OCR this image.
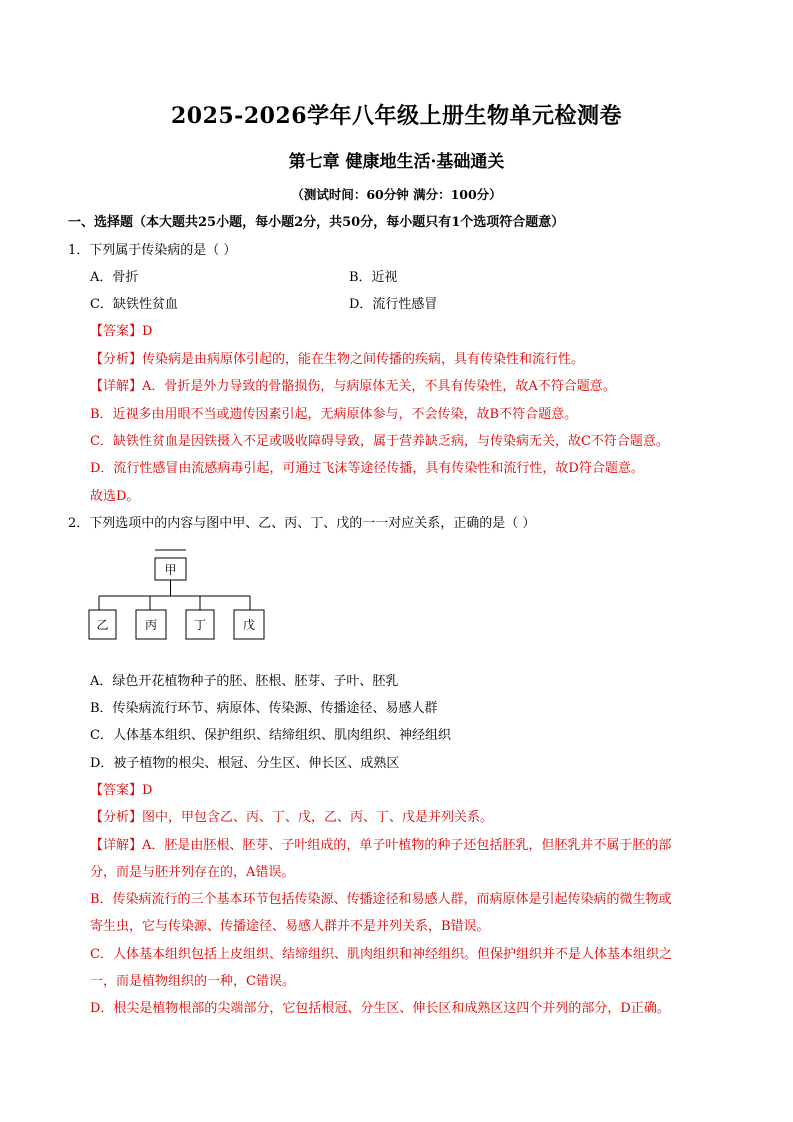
2025-2026学年八年级上册生物单元检测卷
第七章 健康地生活·基础通关
（测试时间：60分钟 满分：100分）
一、选择题（本大题共25小题，每小题2分，共50分，每小题只有1个选项符合题意）
1．下列属于传染病的是（ ）
A．骨折	B．近视
C．缺铁性贫血	D．流行性感冒
【答案】D
【分析】传染病是由病原体引起的，能在生物之间传播的疾病，具有传染性和流行性。
【详解】A．骨折是外力导致的骨骼损伤，与病原体无关，不具有传染性，故A不符合题意。
B．近视多由用眼不当或遗传因素引起，无病原体参与，不会传染，故B不符合题意。
C．缺铁性贫血是因铁摄入不足或吸收障碍导致，属于营养缺乏病，与传染病无关，故C不符合题意。
D．流行性感冒由流感病毒引起，可通过飞沫等途径传播，具有传染性和流行性，故D符合题意。
故选D。
2．下列选项中的内容与图中甲、乙、丙、丁、戊的一一对应关系，正确的是（ ）
甲
乙	丙	丁	戊
A．绿色开花植物种子的胚、胚根、胚芽、子叶、胚乳
B．传染病流行环节、病原体、传染源、传播途径、易感人群
C．人体基本组织、保护组织、结缔组织、肌肉组织、神经组织
D．被子植物的根尖、根冠、分生区、伸长区、成熟区
【答案】D
【分析】图中，甲包含乙、丙、丁、戊，乙、丙、丁、戊是并列关系。
【详解】A．胚是由胚根、胚芽、子叶组成的，单子叶植物的种子还包括胚乳，但胚乳并不属于胚的部
分，而是与胚并列存在的，A错误。
B．传染病流行的三个基本环节包括传染源、传播途径和易感人群，而病原体是引起传染病的微生物或
寄生虫，它与传染源、传播途径、易感人群并不是并列关系，B错误。
C．人体基本组织包括上皮组织、结缔组织、肌肉组织和神经组织。但保护组织并不是人体基本组织之
一，而是植物组织的一种，C错误。
D．根尖是植物根部的尖端部分，它包括根冠、分生区、伸长区和成熟区这四个并列的部分，D正确。
